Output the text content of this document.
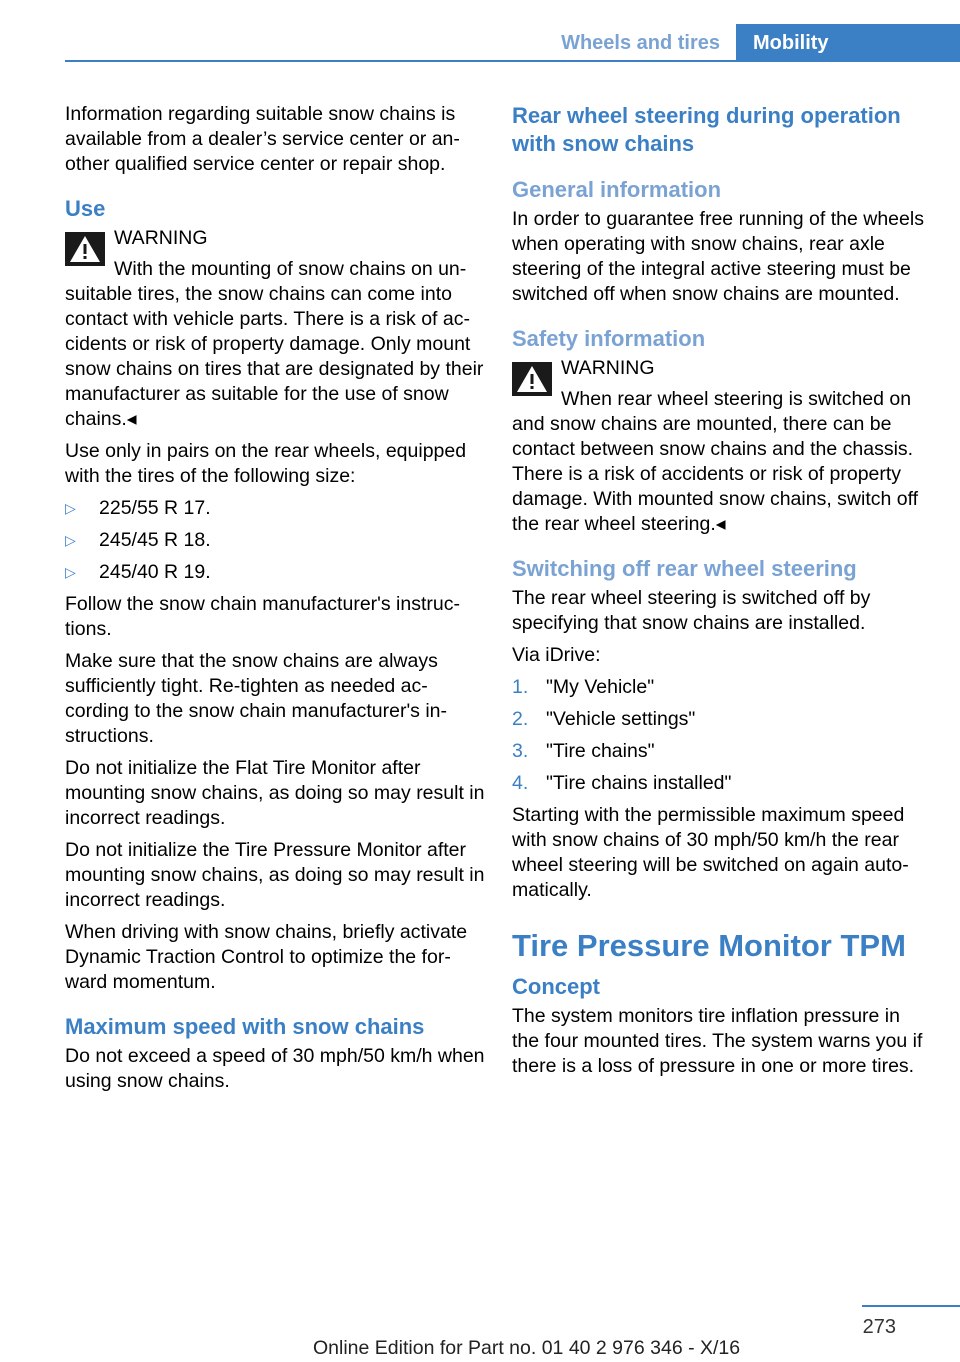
Wheels and tires	Mobility

Information regarding suitable snow chains is available from a dealer’s service center or an-other qualified service center or repair shop.

Use
WARNING
With the mounting of snow chains on un-suitable tires, the snow chains can come into contact with vehicle parts. There is a risk of ac-cidents or risk of property damage. Only mount snow chains on tires that are designated by their manufacturer as suitable for the use of snow chains.◂

Use only in pairs on the rear wheels, equipped with the tires of the following size:

▷ 225/55 R 17.
▷ 245/45 R 18.
▷ 245/40 R 19.

Follow the snow chain manufacturer's instruc-tions.

Make sure that the snow chains are always sufficiently tight. Re-tighten as needed ac-cording to the snow chain manufacturer's in-structions.

Do not initialize the Flat Tire Monitor after mounting snow chains, as doing so may result in incorrect readings.

Do not initialize the Tire Pressure Monitor after mounting snow chains, as doing so may result in incorrect readings.

When driving with snow chains, briefly activate Dynamic Traction Control to optimize the for-ward momentum.

Maximum speed with snow chains

Do not exceed a speed of 30 mph/50 km/h when using snow chains.

Rear wheel steering during operation with snow chains
General information

In order to guarantee free running of the wheels when operating with snow chains, rear axle steering of the integral active steering must be switched off when snow chains are mounted.

Safety information
WARNING
When rear wheel steering is switched on and snow chains are mounted, there can be contact between snow chains and the chassis. There is a risk of accidents or risk of property damage. With mounted snow chains, switch off the rear wheel steering.◂
Switching off rear wheel steering

The rear wheel steering is switched off by specifying that snow chains are installed.

Via iDrive:

1. "My Vehicle"
2. "Vehicle settings"
3. "Tire chains"
4. "Tire chains installed"

Starting with the permissible maximum speed with snow chains of 30 mph/50 km/h the rear wheel steering will be switched on again auto-matically.

Tire Pressure Monitor TPM
Concept

The system monitors tire inflation pressure in the four mounted tires. The system warns you if there is a loss of pressure in one or more tires.

273
Online Edition for Part no. 01 40 2 976 346 - X/16
